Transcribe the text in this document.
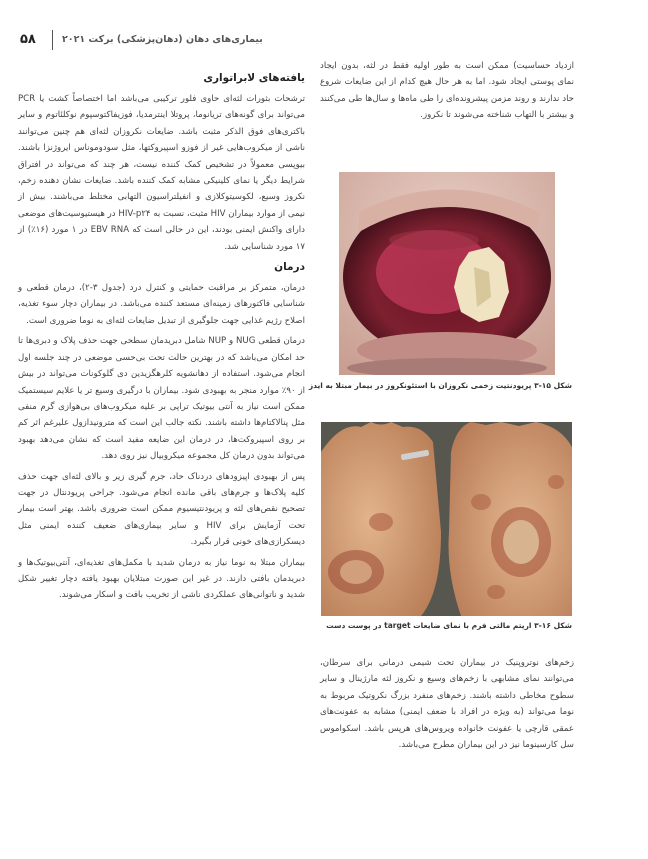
۵۸	بیماری‌های دهان (دهان‌پزشکی) برکت ۲۰۲۱

ازدیاد حساسیت) ممکن است به طور اولیه فقط در لثه، بدون ایجاد نمای پوستی ایجاد شود. اما به هر حال هیچ کدام از این ضایعات شروع حاد ندارند و روند مزمن پیشرونده‌ای را طی ماه‌ها و سال‌ها طی می‌کنند و بیشتر با التهاب شناخته می‌شوند تا نکروز.

شکل ۱۵-۳ پریودنتیت زخمی نکروزان با استئونکروز در بیمار مبتلا به ایدز
شکل ۱۶-۳ اریتم مالتی فرم با نمای ضایعات target در پوست دست

زخم‌های نوتروپنیک در بیماران تحت شیمی درمانی برای سرطان، می‌توانند نمای مشابهی با زخم‌های وسیع و نکروز لثه مارژینال و سایر سطوح مخاطی داشته باشند. زخم‌های منفرد بزرگ نکروتیک مربوط به نوما می‌تواند (به ویژه در افراد با ضعف ایمنی) مشابه به عفونت‌های عمقی قارچی یا عفونت خانواده ویروس‌های هرپس باشد. اسکواموس سل کارسینوما نیز در این بیماران مطرح می‌باشد.

یافته‌های لابراتواری

ترشحات بثورات لثه‌ای حاوی فلور ترکیبی می‌باشد اما اختصاصاً کشت یا PCR می‌تواند برای گونه‌های تریانوما، پروتلا اینترمدیا، فوزیفاکتوسپوم نوکلئاتوم و سایر باکتری‌های فوق الذکر مثبت باشد. ضایعات نکروزان لثه‌ای هم چنین می‌توانند ناشی از میکروب‌هایی غیر از فوزو اسپیروکتها، مثل سودوموناس ایروژنزا باشند. بیوپسی معمولاً در تشخیص کمک کننده نیست، هر چند که می‌تواند در افتراق شرایط دیگر یا نمای کلینیکی مشابه کمک کننده باشد. ضایعات نشان دهنده زخم، نکروز وسیع، لکوسیتوکلازی و انفیلتراسیون التهابی مختلط می‌باشند. بیش از نیمی از موارد بیماران HIV مثبت، نسبت به HIV-p۲۴ در هیستیوسیت‌های موضعی دارای واکنش ایمنی بودند، این در حالی است که EBV RNA در ۱ مورد (۱۶٪) از ۱۷ مورد شناسایی شد.

درمان

درمان، متمرکز بر مراقبت حمایتی و کنترل درد (جدول ۳-۲)، درمان قطعی و شناسایی فاکتورهای زمینه‌ای مستعد کننده می‌باشد. در بیماران دچار سوء تغذیه، اصلاح رژیم غذایی جهت جلوگیری از تبدیل ضایعات لثه‌ای به نوما ضروری است.

درمان قطعی NUG و NUP شامل دبریدمان سطحی جهت حذف پلاک و دبری‌ها تا حد امکان می‌باشد که در بهترین حالت تحت بی‌حسی موضعی در چند جلسه اول انجام می‌شود. استفاده از دهانشویه کلرهگزیدین دی گلوکونات می‌تواند در بیش از ۹۰٪ موارد منجر به بهبودی شود. بیماران با درگیری وسیع تر یا علایم سیستمیک ممکن است نیاز به آنتی بیوتیک تراپی بر علیه میکروب‌های بی‌هوازی گرم منفی مثل پنالاکتام‌ها داشته باشند. نکته جالب این است که مترونیدازول علیرغم اثر کم بر روی اسپیروکت‌ها، در درمان این ضایعه مفید است که نشان می‌دهد بهبود می‌تواند بدون درمان کل مجموعه میکروبیال نیز روی دهد.

پس از بهبودی اپیزودهای دردناک حاد، جرم گیری زیر و بالای لثه‌ای جهت حذف کلیه پلاک‌ها و جرم‌های باقی مانده انجام می‌شود. جراحی پریودنتال در جهت تصحیح نقص‌های لثه و پریودنتیسیوم ممکن است ضروری باشد. بهتر است بیمار تحت آزمایش برای HIV و سایر بیماری‌های ضعیف کننده ایمنی مثل دیسکرازی‌های خونی قرار بگیرد.

بیماران مبتلا به نوما نیاز به درمان شدید با مکمل‌های تغذیه‌ای، آنتی‌بیوتیک‌ها و دبریدمان بافتی دارند. در غیر این صورت مبتلایان بهبود یافته دچار تغییر شکل شدید و ناتوانی‌های عملکردی ناشی از تخریب بافت و اسکار می‌شوند.
